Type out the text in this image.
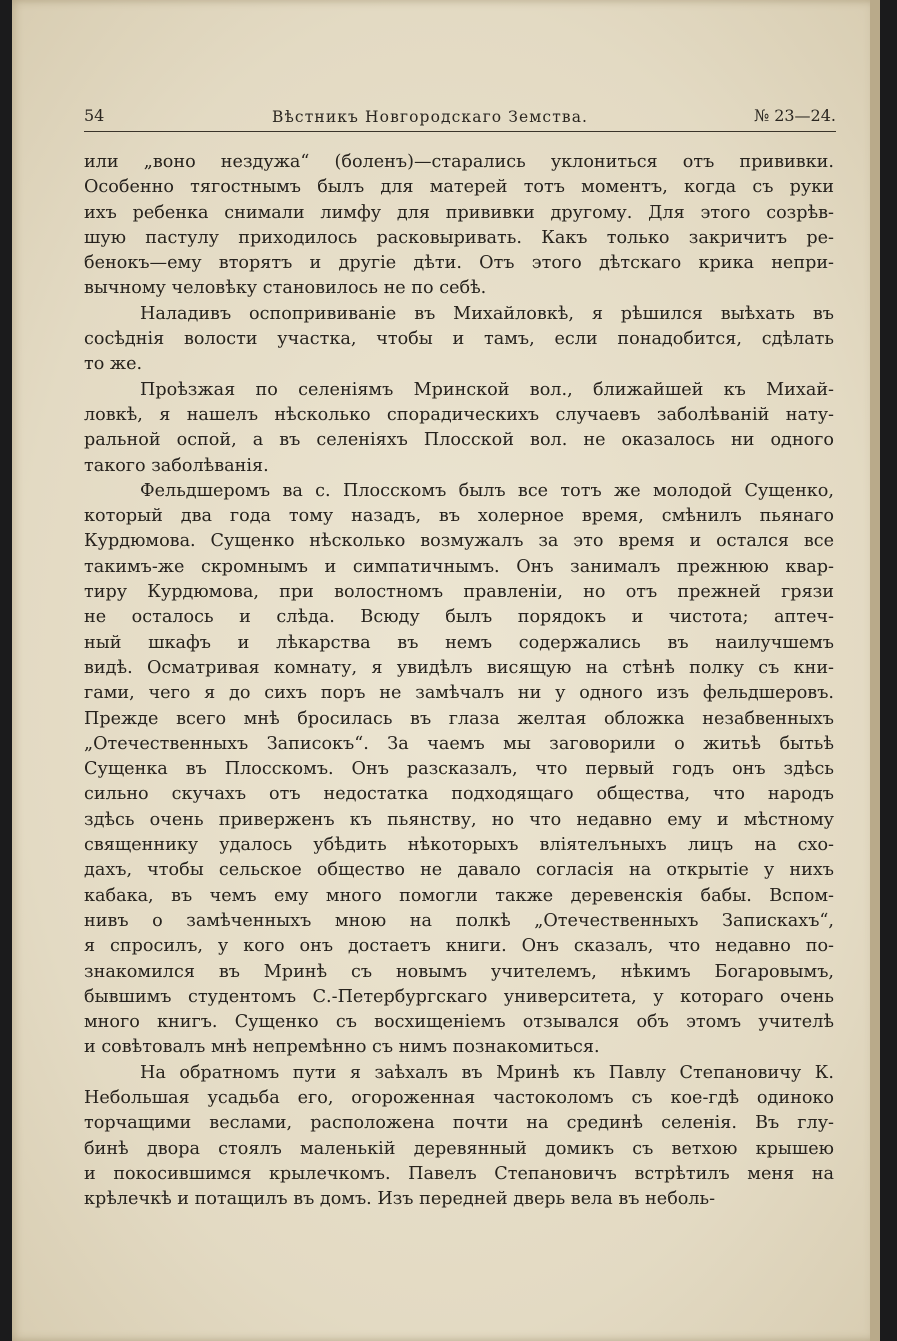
54	Вѣстникъ Новгородскаго Земства.	№ 23—24.
или „воно нездужа“ (боленъ)—старались уклониться отъ прививки.
Особенно тягостнымъ былъ для матерей тотъ моментъ, когда съ руки
ихъ ребенка снимали лимфу для прививки другому. Для этого созрѣв-
шую пастулу приходилось расковыривать. Какъ только закричитъ ре-
бенокъ—ему вторятъ и другіе дѣти. Отъ этого дѣтскаго крика непри-
вычному человѣку становилось не по себѣ.
Наладивъ оспопрививаніе въ Михайловкѣ, я рѣшился выѣхать въ
сосѣднія волости участка, чтобы и тамъ, если понадобится, сдѣлать
то же.
Проѣзжая по селеніямъ Мринской вол., ближайшей къ Михай-
ловкѣ, я нашелъ нѣсколько спорадическихъ случаевъ заболѣваній нату-
ральной оспой, а въ селеніяхъ Плосской вол. не оказалось ни одного
такого заболѣванія.
Фельдшеромъ ва с. Плосскомъ былъ все тотъ же молодой Сущенко,
который два года тому назадъ, въ холерное время, смѣнилъ пьянаго
Курдюмова. Сущенко нѣсколько возмужалъ за это время и остался все
такимъ-же скромнымъ и симпатичнымъ. Онъ занималъ прежнюю квар-
тиру Курдюмова, при волостномъ правленіи, но отъ прежней грязи
не осталось и слѣда. Всюду былъ порядокъ и чистота; аптеч-
ный шкафъ и лѣкарства въ немъ содержались въ наилучшемъ
видѣ. Осматривая комнату, я увидѣлъ висящую на стѣнѣ полку съ кни-
гами, чего я до сихъ поръ не замѣчалъ ни у одного изъ фельдшеровъ.
Прежде всего мнѣ бросилась въ глаза желтая обложка незабвенныхъ
„Отечественныхъ Записокъ“. За чаемъ мы заговорили о житьѣ бытьѣ
Сущенка въ Плосскомъ. Онъ разсказалъ, что первый годъ онъ здѣсь
сильно скучахъ отъ недостатка подходящаго общества, что народъ
здѣсь очень приверженъ къ пьянству, но что недавно ему и мѣстному
священнику удалось убѣдить нѣкоторыхъ вліятелъныхъ лицъ на схо-
дахъ, чтобы сельское общество не давало согласія на открытіе у нихъ
кабака, въ чемъ ему много помогли также деревенскія бабы. Вспом-
нивъ о замѣченныхъ мною на полкѣ „Отечественныхъ Запискахъ“,
я спросилъ, у кого онъ достаетъ книги. Онъ сказалъ, что недавно по-
знакомился въ Мринѣ съ новымъ учителемъ, нѣкимъ Богаровымъ,
бывшимъ студентомъ С.-Петербургскаго университета, у котораго очень
много книгъ. Сущенко съ восхищеніемъ отзывался объ этомъ учителѣ
и совѣтовалъ мнѣ непремѣнно съ нимъ познакомиться.
На обратномъ пути я заѣхалъ въ Мринѣ къ Павлу Степановичу К.
Небольшая усадьба его, огороженная частоколомъ съ кое-гдѣ одиноко
торчащими веслами, расположена почти на срединѣ селенія. Въ глу-
бинѣ двора стоялъ маленькій деревянный домикъ съ ветхою крышею
и покосившимся крылечкомъ. Павелъ Степановичъ встрѣтилъ меня на
крѣлечкѣ и потащилъ въ домъ. Изъ передней дверь вела въ неболь-
